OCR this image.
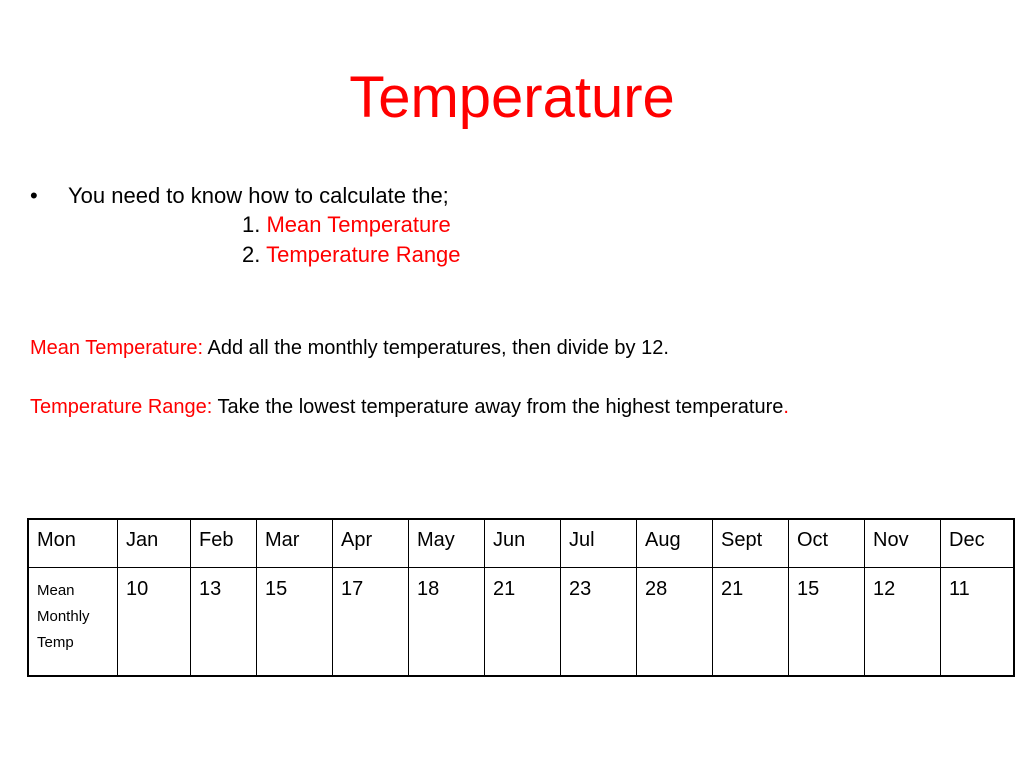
Temperature
• You need to know how to calculate the;
1. Mean Temperature
2. Temperature Range
Mean Temperature: Add all the monthly temperatures, then divide by 12.
Temperature Range: Take the lowest temperature away from the highest temperature.
Mon	Jan	Feb	Mar	Apr	May	Jun	Jul	Aug	Sept	Oct	Nov	Dec
Mean
Monthly
Temp	10	13	15	17	18	21	23	28	21	15	12	11
